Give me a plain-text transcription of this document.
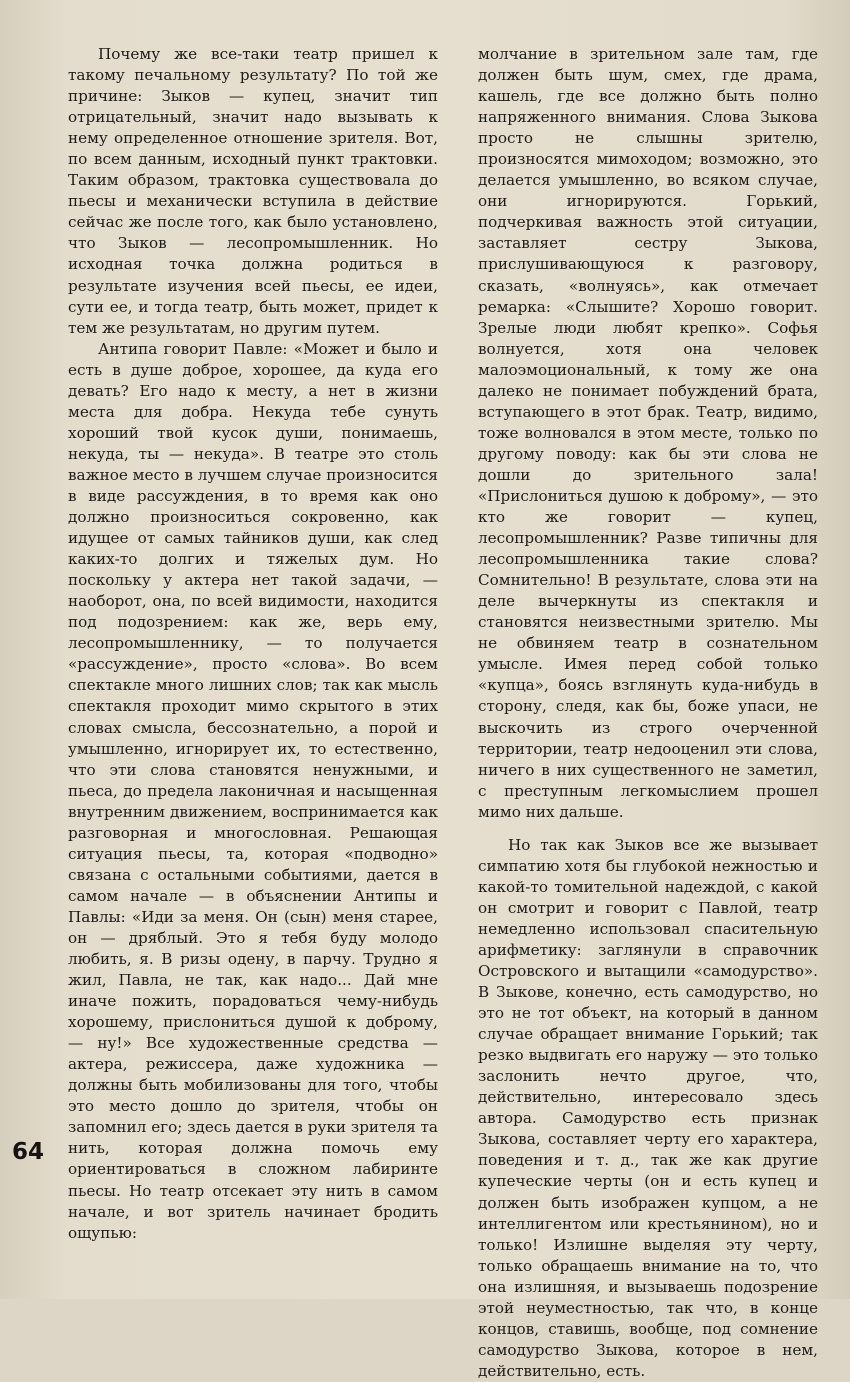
Почему же все-таки театр пришел к такому печальному результату? По той же причине: Зыков — купец, значит тип отрицательный, значит надо вызывать к нему определенное отношение зрителя. Вот, по всем данным, исходный пункт трактовки. Таким образом, трактовка существовала до пьесы и механически вступила в действие сейчас же после того, как было установлено, что Зыков — лесопромышленник. Но исходная точка должна родиться в результате изучения всей пьесы, ее идеи, сути ее, и тогда театр, быть может, придет к тем же результатам, но другим путем.

Антипа говорит Павле: «Может и было и есть в душе доброе, хорошее, да куда его девать? Его надо к месту, а нет в жизни места для добра. Некуда тебе сунуть хороший твой кусок души, понимаешь, некуда, ты — некуда». В театре это столь важное место в лучшем случае произносится в виде рассуждения, в то время как оно должно произноситься сокровенно, как идущее от самых тайников души, как след каких-то долгих и тяжелых дум. Но поскольку у актера нет такой задачи, — наоборот, она, по всей видимости, находится под подозрением: как же, верь ему, лесопромышленнику, — то получается «рассуждение», просто «слова». Во всем спектакле много лишних слов; так как мысль спектакля проходит мимо скрытого в этих словах смысла, бессознательно, а порой и умышленно, игнорирует их, то естественно, что эти слова становятся ненужными, и пьеса, до предела лаконичная и насыщенная внутренним движением, воспринимается как разговорная и многословная. Решающая ситуация пьесы, та, которая «подводно» связана с остальными событиями, дается в самом начале — в объяснении Антипы и Павлы: «Иди за меня. Он (сын) меня старее, он — дряблый. Это я тебя буду молодо любить, я. В ризы одену, в парчу. Трудно я жил, Павла, не так, как надо... Дай мне иначе пожить, порадоваться чему-нибудь хорошему, прислониться душой к доброму, — ну!» Все художественные средства — актера, режиссера, даже художника — должны быть мобилизованы для того, чтобы это место дошло до зрителя, чтобы он запомнил его; здесь дается в руки зрителя та нить, которая должна помочь ему ориентироваться в сложном лабиринте пьесы. Но театр отсекает эту нить в самом начале, и вот зритель начинает бродить ощупью:

молчание в зрительном зале там, где должен быть шум, смех, где драма, кашель, где все должно быть полно напряженного внимания. Слова Зыкова просто не слышны зрителю, произносятся мимоходом; возможно, это делается умышленно, во всяком случае, они игнорируются. Горький, подчеркивая важность этой ситуации, заставляет сестру Зыкова, прислушивающуюся к разговору, сказать, «волнуясь», как отмечает ремарка: «Слышите? Хорошо говорит. Зрелые люди любят крепко». Софья волнуется, хотя она человек малоэмоциональный, к тому же она далеко не понимает побуждений брата, вступающего в этот брак. Театр, видимо, тоже волновался в этом месте, только по другому поводу: как бы эти слова не дошли до зрительного зала! «Прислониться душою к доброму», — это кто же говорит — купец, лесопромышленник? Разве типичны для лесопромышленника такие слова? Сомнительно! В результате, слова эти на деле вычеркнуты из спектакля и становятся неизвестными зрителю. Мы не обвиняем театр в сознательном умысле. Имея перед собой только «купца», боясь взглянуть куда-нибудь в сторону, следя, как бы, боже упаси, не выскочить из строго очерченной территории, театр недооценил эти слова, ничего в них существенного не заметил, с преступным легкомыслием прошел мимо них дальше.

Но так как Зыков все же вызывает симпатию хотя бы глубокой нежностью и какой-то томительной надеждой, с какой он смотрит и говорит с Павлой, театр немедленно использовал спасительную арифметику: заглянули в справочник Островского и вытащили «самодурство». В Зыкове, конечно, есть самодурство, но это не тот объект, на который в данном случае обращает внимание Горький; так резко выдвигать его наружу — это только заслонить нечто другое, что, действительно, интересовало здесь автора. Самодурство есть признак Зыкова, составляет черту его характера, поведения и т. д., так же как другие купеческие черты (он и есть купец и должен быть изображен купцом, а не интеллигентом или крестьянином), но и только! Излишне выделяя эту черту, только обращаешь внимание на то, что она излишняя, и вызываешь подозрение этой неуместностью, так что, в конце концов, ставишь, вообще, под сомнение самодурство Зыкова, которое в нем, действительно, есть.

64
